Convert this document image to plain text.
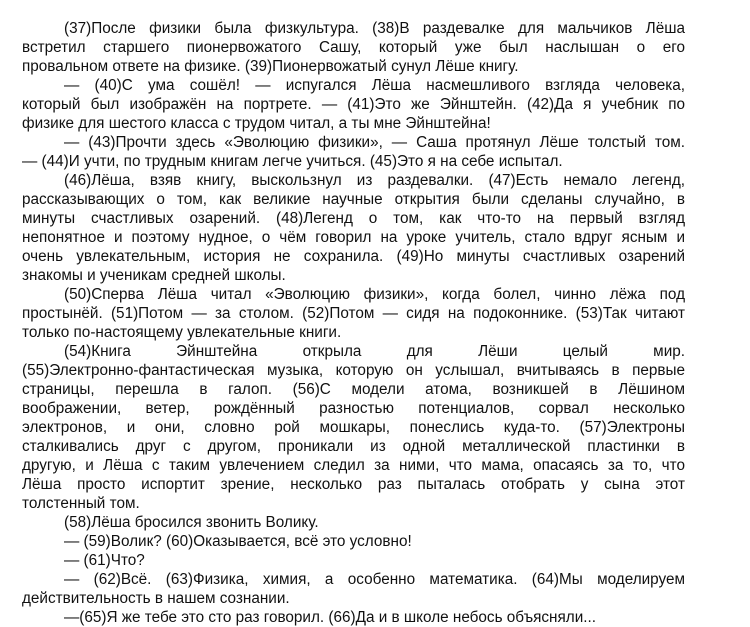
(37)После физики была физкультура. (38)В раздевалке для мальчиков Лёша
встретил старшего пионервожатого Сашу, который уже был наслышан о его
провальном ответе на физике. (39)Пионервожатый сунул Лёше книгу.
— (40)С ума сошёл! — испугался Лёша насмешливого взгляда человека,
который был изображён на портрете. — (41)Это же Эйнштейн. (42)Да я учебник по
физике для шестого класса с трудом читал, а ты мне Эйнштейна!
— (43)Прочти здесь «Эволюцию физики», — Саша протянул Лёше толстый том.
— (44)И учти, по трудным книгам легче учиться. (45)Это я на себе испытал.
(46)Лёша, взяв книгу, выскользнул из раздевалки. (47)Есть немало легенд,
рассказывающих о том, как великие научные открытия были сделаны случайно, в
минуты счастливых озарений. (48)Легенд о том, как что-то на первый взгляд
непонятное и поэтому нудное, о чём говорил на уроке учитель, стало вдруг ясным и
очень увлекательным, история не сохранила. (49)Но минуты счастливых озарений
знакомы и ученикам средней школы.
(50)Сперва Лёша читал «Эволюцию физики», когда болел, чинно лёжа под
простынёй. (51)Потом — за столом. (52)Потом — сидя на подоконнике. (53)Так читают
только по-настоящему увлекательные книги.
(54)Книга Эйнштейна открыла для Лёши целый мир.
(55)Электронно-фантастическая музыка, которую он услышал, вчитываясь в первые
страницы, перешла в галоп. (56)С модели атома, возникшей в Лёшином
воображении, ветер, рождённый разностью потенциалов, сорвал несколько
электронов, и они, словно рой мошкары, понеслись куда-то. (57)Электроны
сталкивались друг с другом, проникали из одной металлической пластинки в
другую, и Лёша с таким увлечением следил за ними, что мама, опасаясь за то, что
Лёша просто испортит зрение, несколько раз пыталась отобрать у сына этот
толстенный том.
(58)Лёша бросился звонить Волику.
— (59)Волик? (60)Оказывается, всё это условно!
— (61)Что?
— (62)Всё. (63)Физика, химия, а особенно математика. (64)Мы моделируем
действительность в нашем сознании.
—(65)Я же тебе это сто раз говорил. (66)Да и в школе небось объясняли...
